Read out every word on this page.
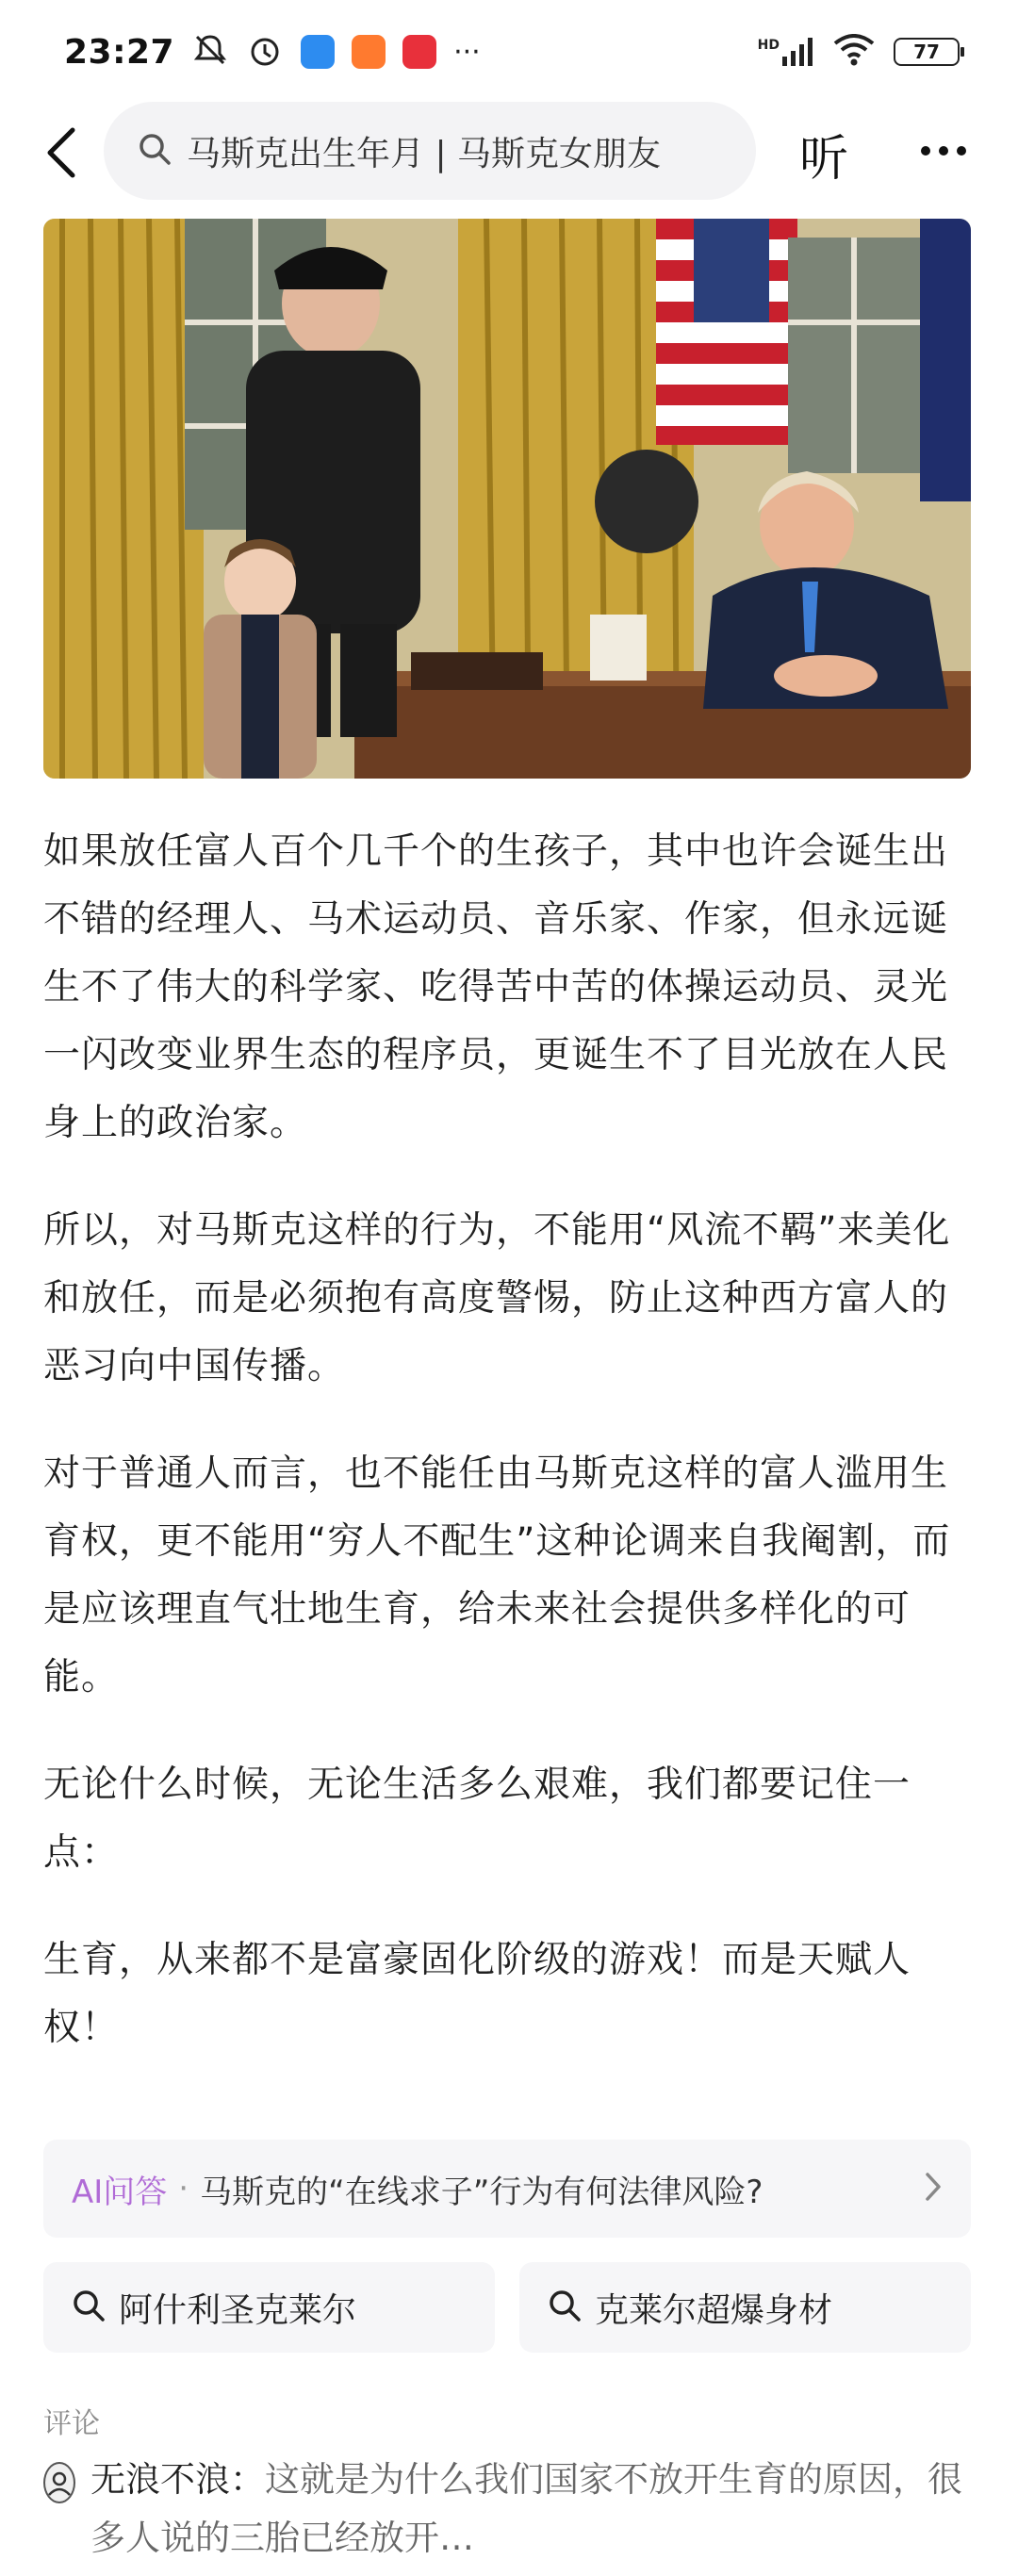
23:27	···	HD	77
马斯克出生年月 | 马斯克女朋友	听

如果放任富人百个几千个的生孩子，其中也许会诞生出不错的经理人、马术运动员、音乐家、作家，但永远诞生不了伟大的科学家、吃得苦中苦的体操运动员、灵光一闪改变业界生态的程序员，更诞生不了目光放在人民身上的政治家。

所以，对马斯克这样的行为，不能用“风流不羁”来美化和放任，而是必须抱有高度警惕，防止这种西方富人的恶习向中国传播。

对于普通人而言，也不能任由马斯克这样的富人滥用生育权，更不能用“穷人不配生”这种论调来自我阉割，而是应该理直气壮地生育，给未来社会提供多样化的可能。

无论什么时候，无论生活多么艰难，我们都要记住一点：

生育，从来都不是富豪固化阶级的游戏！而是天赋人权！

AI问答 · 马斯克的“在线求子”行为有何法律风险?
阿什利圣克莱尔	克莱尔超爆身材
评论
无浪不浪：这就是为什么我们国家不放开生育的原因，很多人说的三胎已经放开…
